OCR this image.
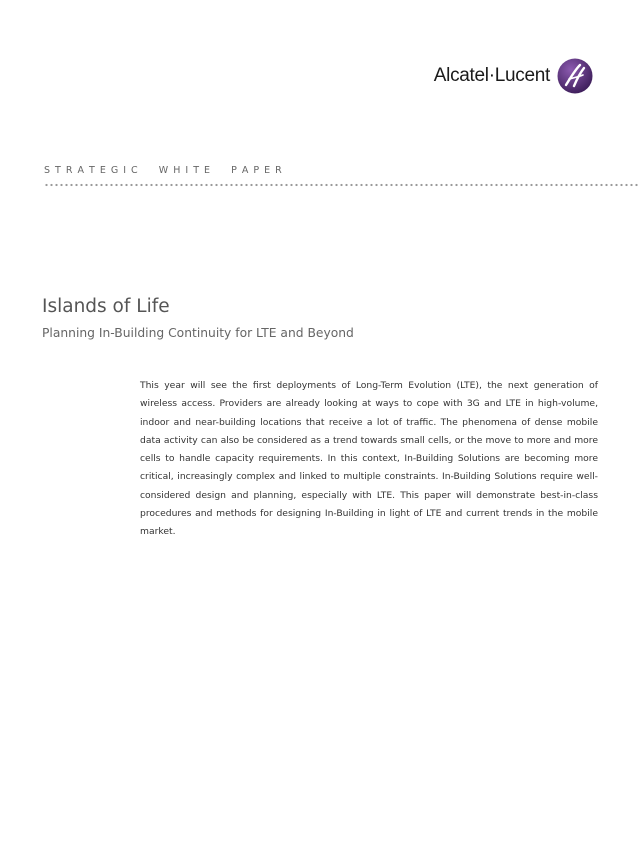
Alcatel·Lucent
S T R A T E G I C     W H I T E     P A P E R
Islands of Life
Planning In-Building Continuity for LTE and Beyond

This year will see the first deployments of Long-Term Evolution (LTE), the next generation of wireless access. Providers are already looking at ways to cope with 3G and LTE in high-volume, indoor and near-building locations that receive a lot of traffic. The phenomena of dense mobile data activity can also be considered as a trend towards small cells, or the move to more and more cells to handle capacity requirements. In this context, In-Building Solutions are becoming more critical, increasingly complex and linked to multiple constraints. In-Building Solutions require well-considered design and planning, especially with LTE. This paper will demonstrate best-in-class procedures and methods for designing In-Building in light of LTE and current trends in the mobile market.
